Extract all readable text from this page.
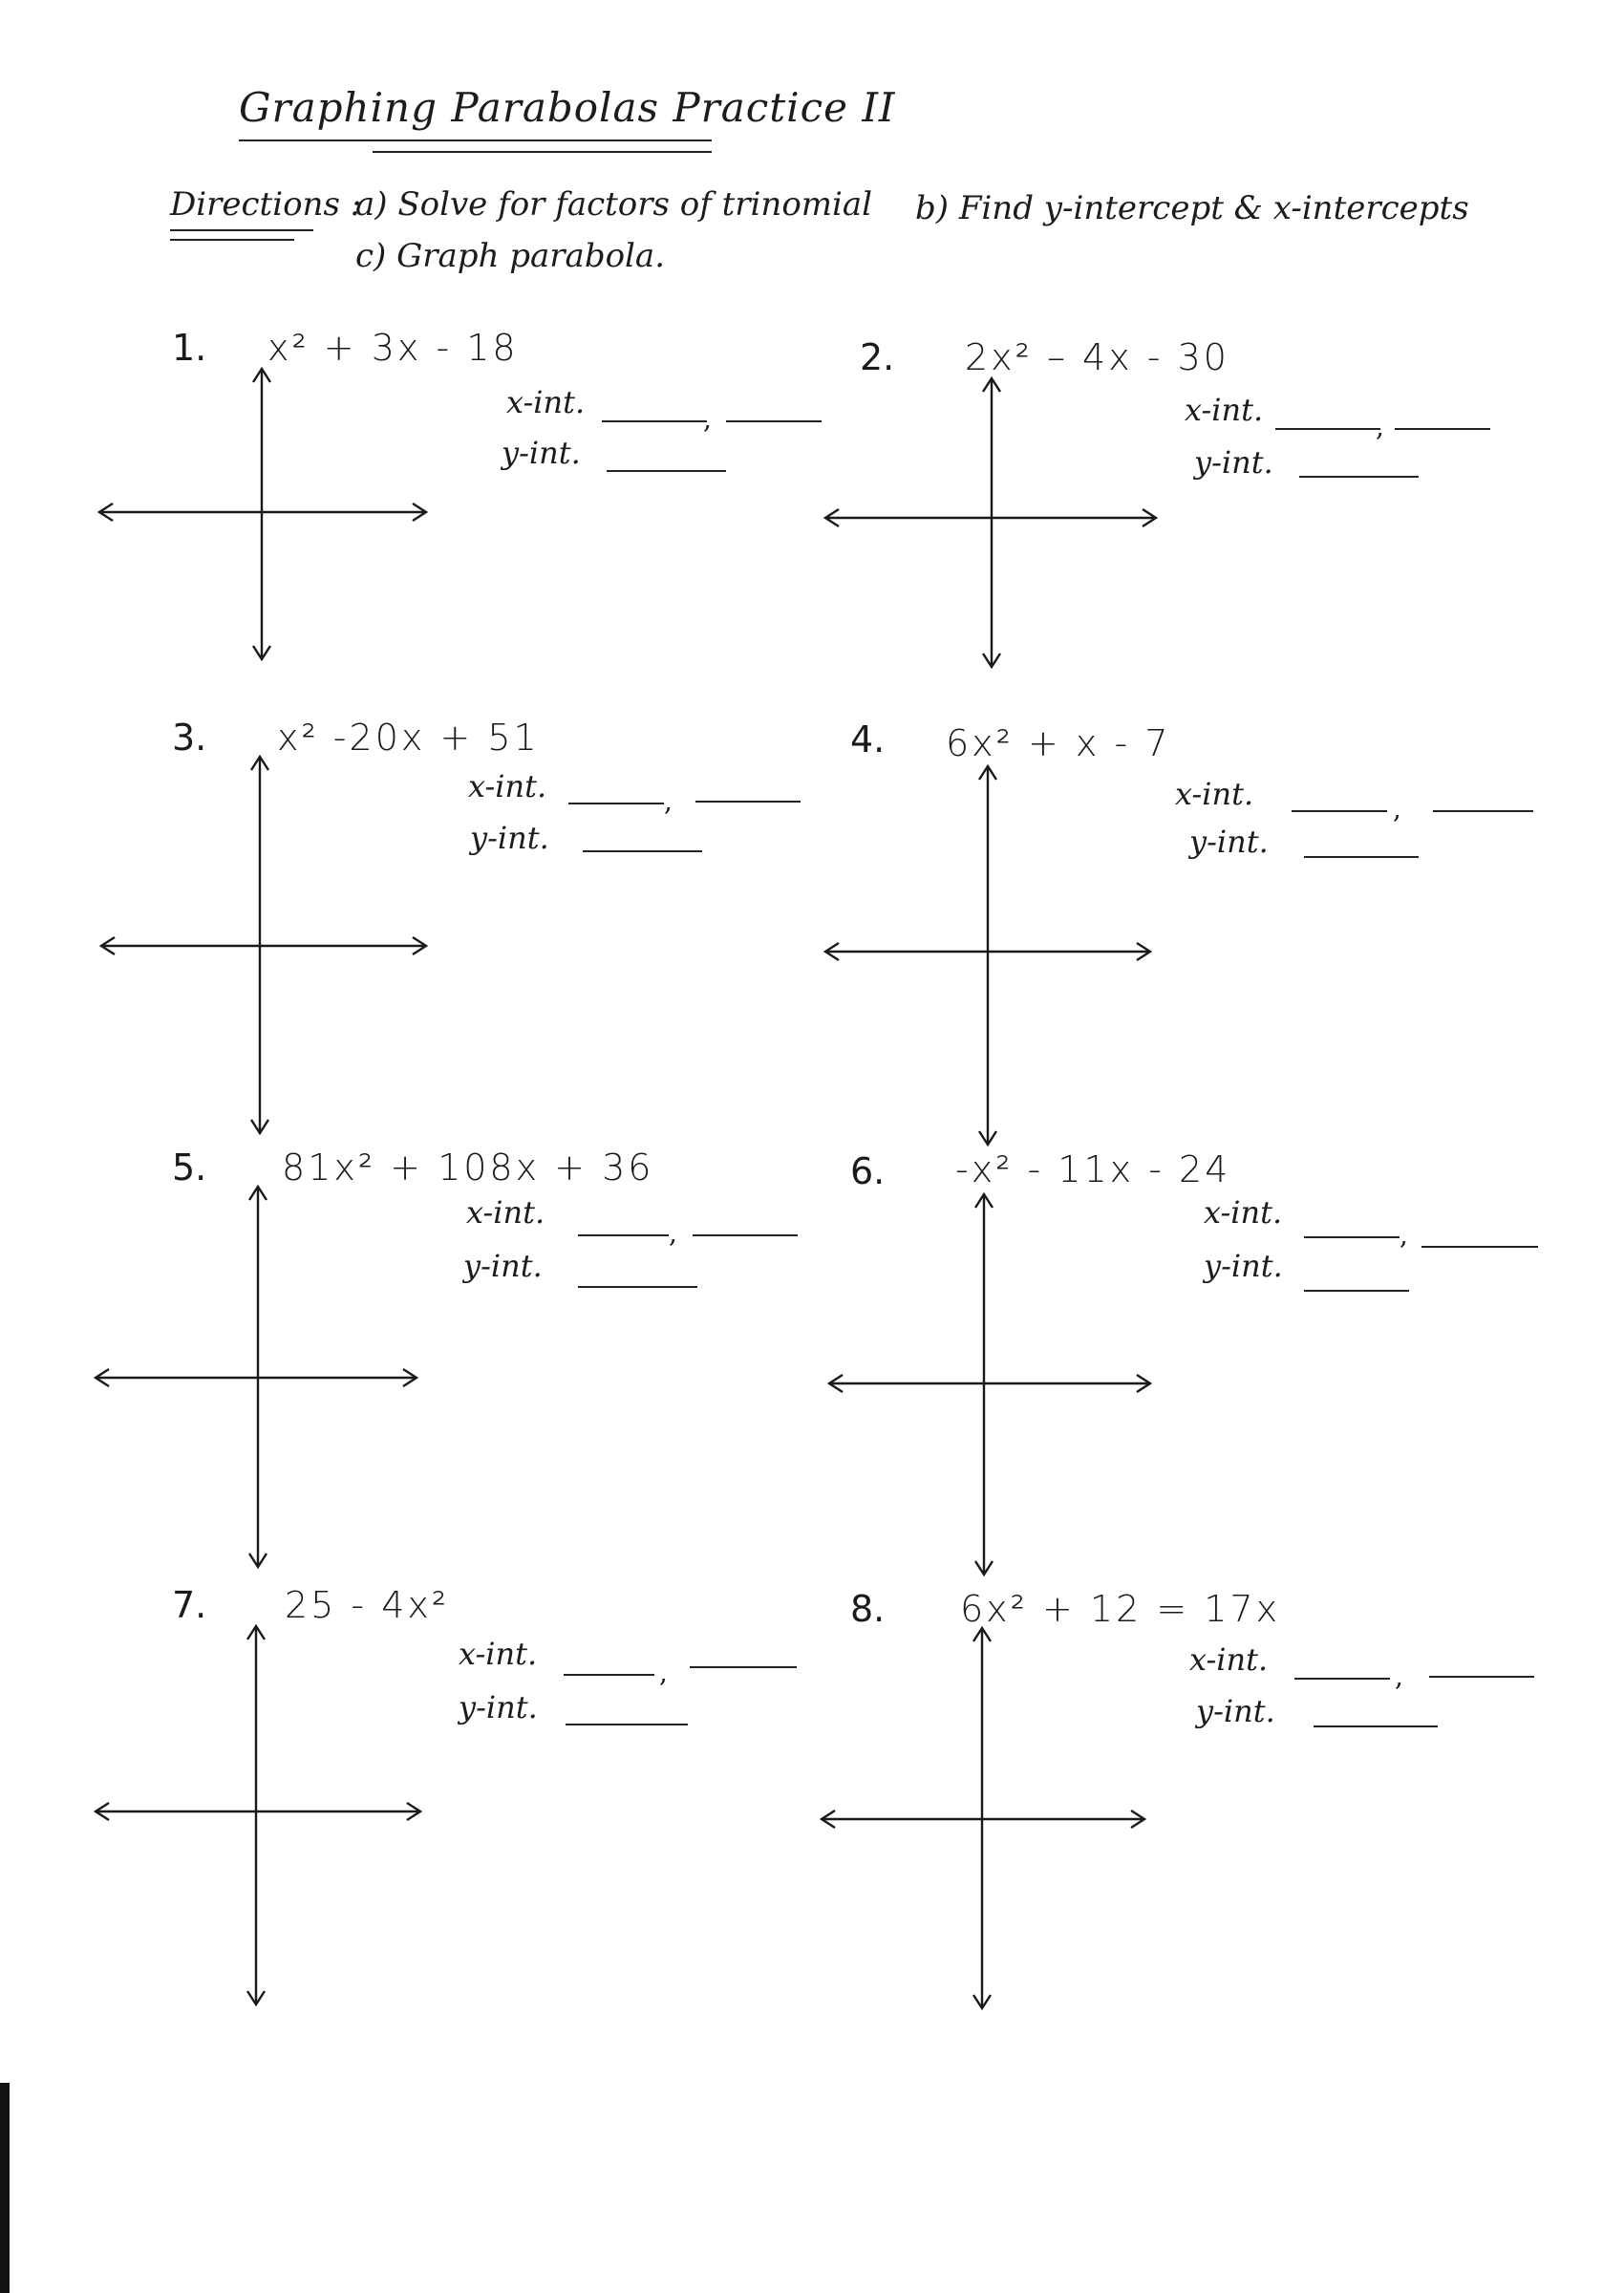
Graphing Parabolas Practice II
Directions :
a) Solve for factors of trinomial b) Find y-intercept & x-intercepts
c) Graph parabola.
1. x² + 3x - 18
x-int.	,
y-int.
2. 2x² – 4x - 30
x-int.	,
y-int.
3. x² -20x + 51
x-int.	,
y-int.
4. 6x² + x - 7
x-int.	,
y-int.
5. 81x² + 108x + 36
x-int.
,
y-int.
6. -x² - 11x - 24
x-int.
,
y-int.
7. 25 - 4x²
x-int.
,
y-int.
8. 6x² + 12 = 17x
x-int.	,
y-int.
